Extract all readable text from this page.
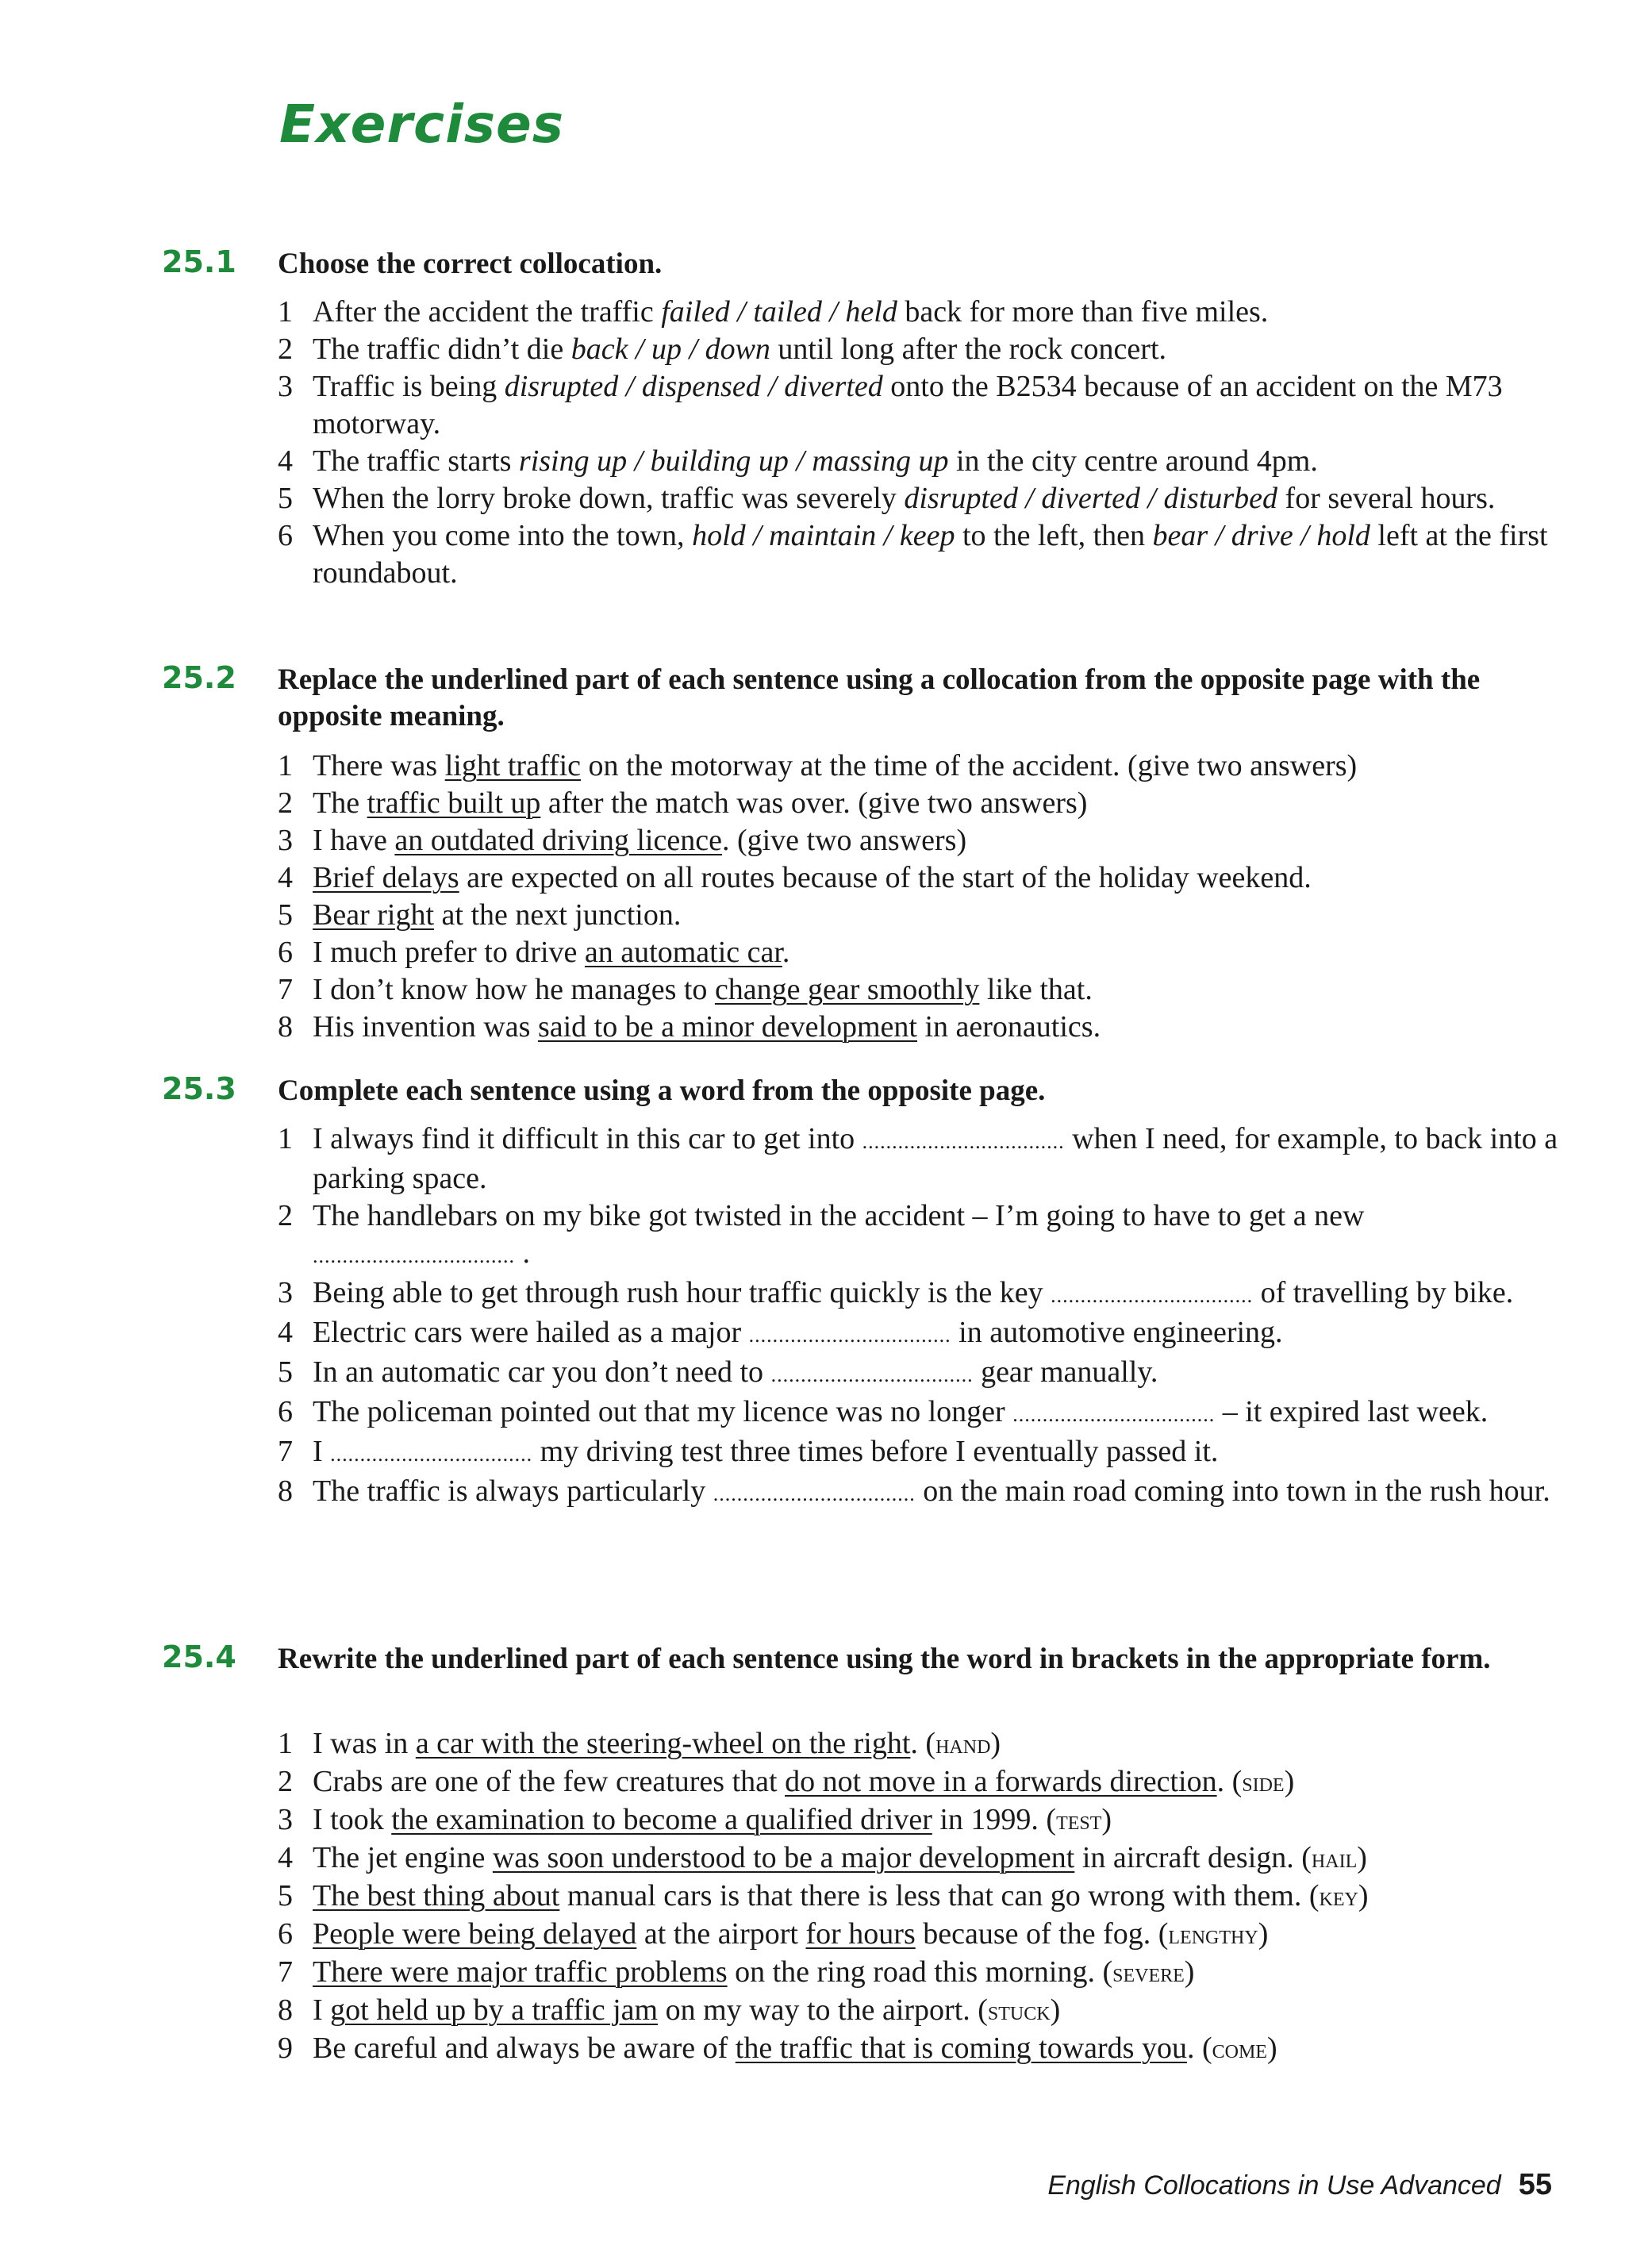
Exercises
25.1 Choose the correct collocation.

1 After the accident the traffic failed / tailed / held back for more than five miles.
2 The traffic didn’t die back / up / down until long after the rock concert.
3 Traffic is being disrupted / dispensed / diverted onto the B2534 because of an accident on the M73 motorway.
4 The traffic starts rising up / building up / massing up in the city centre around 4pm.
5 When the lorry broke down, traffic was severely disrupted / diverted / disturbed for several hours.
6 When you come into the town, hold / maintain / keep to the left, then bear / drive / hold left at the first roundabout.
25.2 Replace the underlined part of each sentence using a collocation from the opposite page with the opposite meaning.

1 There was light traffic on the motorway at the time of the accident. (give two answers)
2 The traffic built up after the match was over. (give two answers)
3 I have an outdated driving licence. (give two answers)
4 Brief delays are expected on all routes because of the start of the holiday weekend.
5 Bear right at the next junction.
6 I much prefer to drive an automatic car.
7 I don’t know how he manages to change gear smoothly like that.
8 His invention was said to be a minor development in aeronautics.
25.3 Complete each sentence using a word from the opposite page.

1 I always find it difficult in this car to get into .................................. when I need, for example, to back into a parking space.
2 The handlebars on my bike got twisted in the accident – I’m going to have to get a new .................................. .
3 Being able to get through rush hour traffic quickly is the key .................................. of travelling by bike.
4 Electric cars were hailed as a major .................................. in automotive engineering.
5 In an automatic car you don’t need to .................................. gear manually.
6 The policeman pointed out that my licence was no longer .................................. – it expired last week.
7 I .................................. my driving test three times before I eventually passed it.
8 The traffic is always particularly .................................. on the main road coming into town in the rush hour.
25.4 Rewrite the underlined part of each sentence using the word in brackets in the appropriate form.

1 I was in a car with the steering-wheel on the right. (hand)
2 Crabs are one of the few creatures that do not move in a forwards direction. (side)
3 I took the examination to become a qualified driver in 1999. (test)
4 The jet engine was soon understood to be a major development in aircraft design. (hail)
5 The best thing about manual cars is that there is less that can go wrong with them. (key)
6 People were being delayed at the airport for hours because of the fog. (lengthy)
7 There were major traffic problems on the ring road this morning. (severe)
8 I got held up by a traffic jam on my way to the airport. (stuck)
9 Be careful and always be aware of the traffic that is coming towards you. (come)
English Collocations in Use Advanced 55
